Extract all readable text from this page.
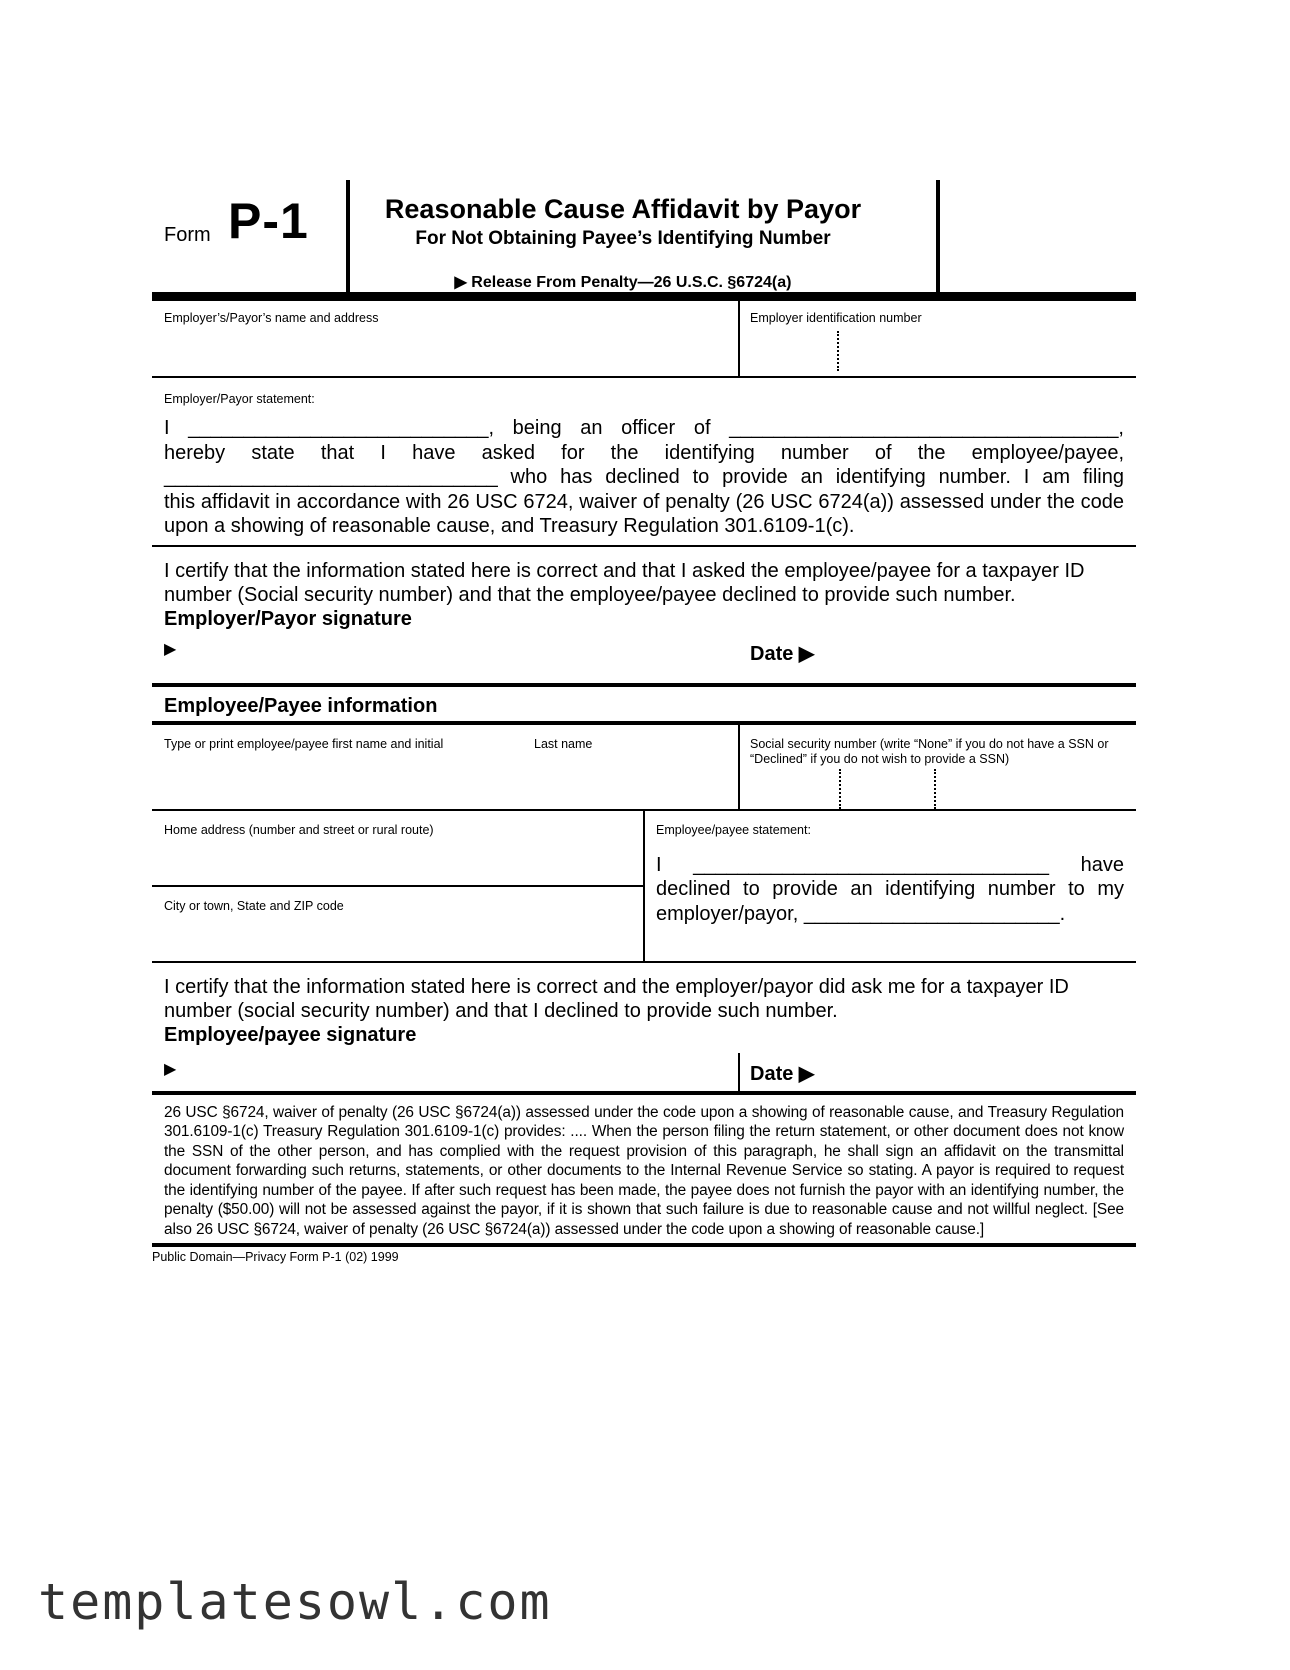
Form P-1	Reasonable Cause Affidavit by Payor
For Not Obtaining Payee’s Identifying Number
▶ Release From Penalty—26 U.S.C. §6724(a)
Employer’s/Payor’s name and address	Employer identification number
Employer/Payor statement:
I ___________________________, being an officer of ___________________________________,
hereby state that I have asked for the identifying number of the employee/payee,
______________________________ who has declined to provide an identifying number. I am filing
this affidavit in accordance with 26 USC 6724, waiver of penalty (26 USC 6724(a)) assessed under the code
upon a showing of reasonable cause, and Treasury Regulation 301.6109-1(c).
I certify that the information stated here is correct and that I asked the employee/payee for a taxpayer ID number (Social security number) and that the employee/payee declined to provide such number.
Employer/Payor signature
▶	Date ▶
Employee/Payee information
Type or print employee/payee first name and initial	Last name	Social security number (write “None” if you do not have a SSN or “Declined” if you do not wish to provide a SSN)
Home address (number and street or rural route)
City or town, State and ZIP code
Employee/payee statement:
I ________________________________ have
declined to provide an identifying number to my
employer/payor, _______________________.
I certify that the information stated here is correct and the employer/payor did ask me for a taxpayer ID number (social security number) and that I declined to provide such number.
Employee/payee signature
▶	Date ▶
26 USC §6724, waiver of penalty (26 USC §6724(a)) assessed under the code upon a showing of reasonable cause, and Treasury Regulation 301.6109-1(c) Treasury Regulation 301.6109-1(c) provides: .... When the person filing the return statement, or other document does not know the SSN of the other person, and has complied with the request provision of this paragraph, he shall sign an affidavit on the transmittal document forwarding such returns, statements, or other documents to the Internal Revenue Service so stating. A payor is required to request the identifying number of the payee. If after such request has been made, the payee does not furnish the payor with an identifying number, the penalty ($50.00) will not be assessed against the payor, if it is shown that such failure is due to reasonable cause and not willful neglect. [See also 26 USC §6724, waiver of penalty (26 USC §6724(a)) assessed under the code upon a showing of reasonable cause.]
Public Domain—Privacy Form P-1 (02) 1999
templatesowl.com
